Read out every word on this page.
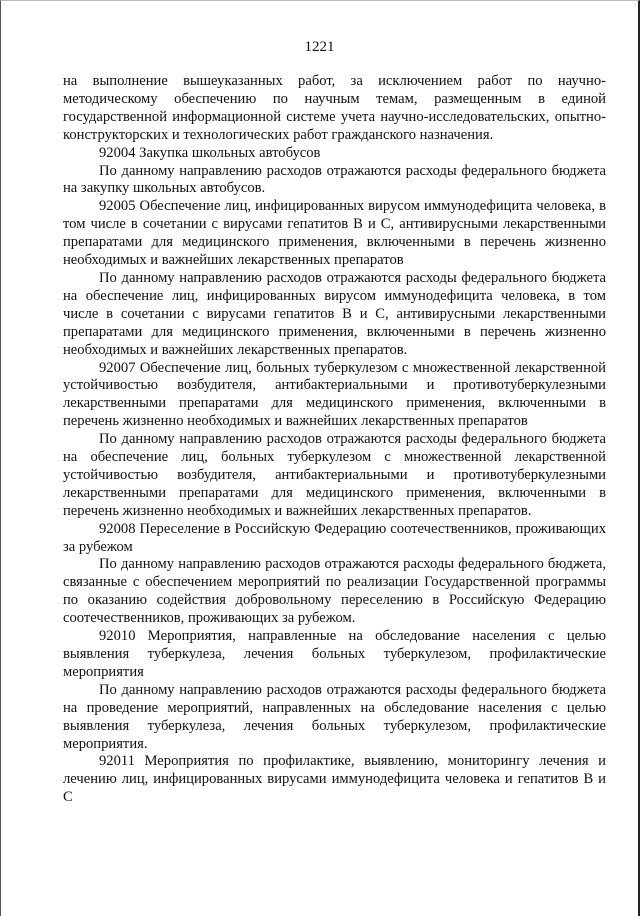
1221

на выполнение вышеуказанных работ, за исключением работ по научно-методическому обеспечению по научным темам, размещенным в единой государственной информационной системе учета научно-исследовательских, опытно-конструкторских и технологических работ гражданского назначения.

92004 Закупка школьных автобусов

По данному направлению расходов отражаются расходы федерального бюджета на закупку школьных автобусов.

92005 Обеспечение лиц, инфицированных вирусом иммунодефицита человека, в том числе в сочетании с вирусами гепатитов B и C, антивирусными лекарственными препаратами для медицинского применения, включенными в перечень жизненно необходимых и важнейших лекарственных препаратов

По данному направлению расходов отражаются расходы федерального бюджета на обеспечение лиц, инфицированных вирусом иммунодефицита человека, в том числе в сочетании с вирусами гепатитов B и C, антивирусными лекарственными препаратами для медицинского применения, включенными в перечень жизненно необходимых и важнейших лекарственных препаратов.

92007 Обеспечение лиц, больных туберкулезом с множественной лекарственной устойчивостью возбудителя, антибактериальными и противотуберкулезными лекарственными препаратами для медицинского применения, включенными в перечень жизненно необходимых и важнейших лекарственных препаратов

По данному направлению расходов отражаются расходы федерального бюджета на обеспечение лиц, больных туберкулезом с множественной лекарственной устойчивостью возбудителя, антибактериальными и противотуберкулезными лекарственными препаратами для медицинского применения, включенными в перечень жизненно необходимых и важнейших лекарственных препаратов.

92008 Переселение в Российскую Федерацию соотечественников, проживающих за рубежом

По данному направлению расходов отражаются расходы федерального бюджета, связанные с обеспечением мероприятий по реализации Государственной программы по оказанию содействия добровольному переселению в Российскую Федерацию соотечественников, проживающих за рубежом.

92010 Мероприятия, направленные на обследование населения с целью выявления туберкулеза, лечения больных туберкулезом, профилактические мероприятия

По данному направлению расходов отражаются расходы федерального бюджета на проведение мероприятий, направленных на обследование населения с целью выявления туберкулеза, лечения больных туберкулезом, профилактические мероприятия.

92011 Мероприятия по профилактике, выявлению, мониторингу лечения и лечению лиц, инфицированных вирусами иммунодефицита человека и гепатитов B и C
